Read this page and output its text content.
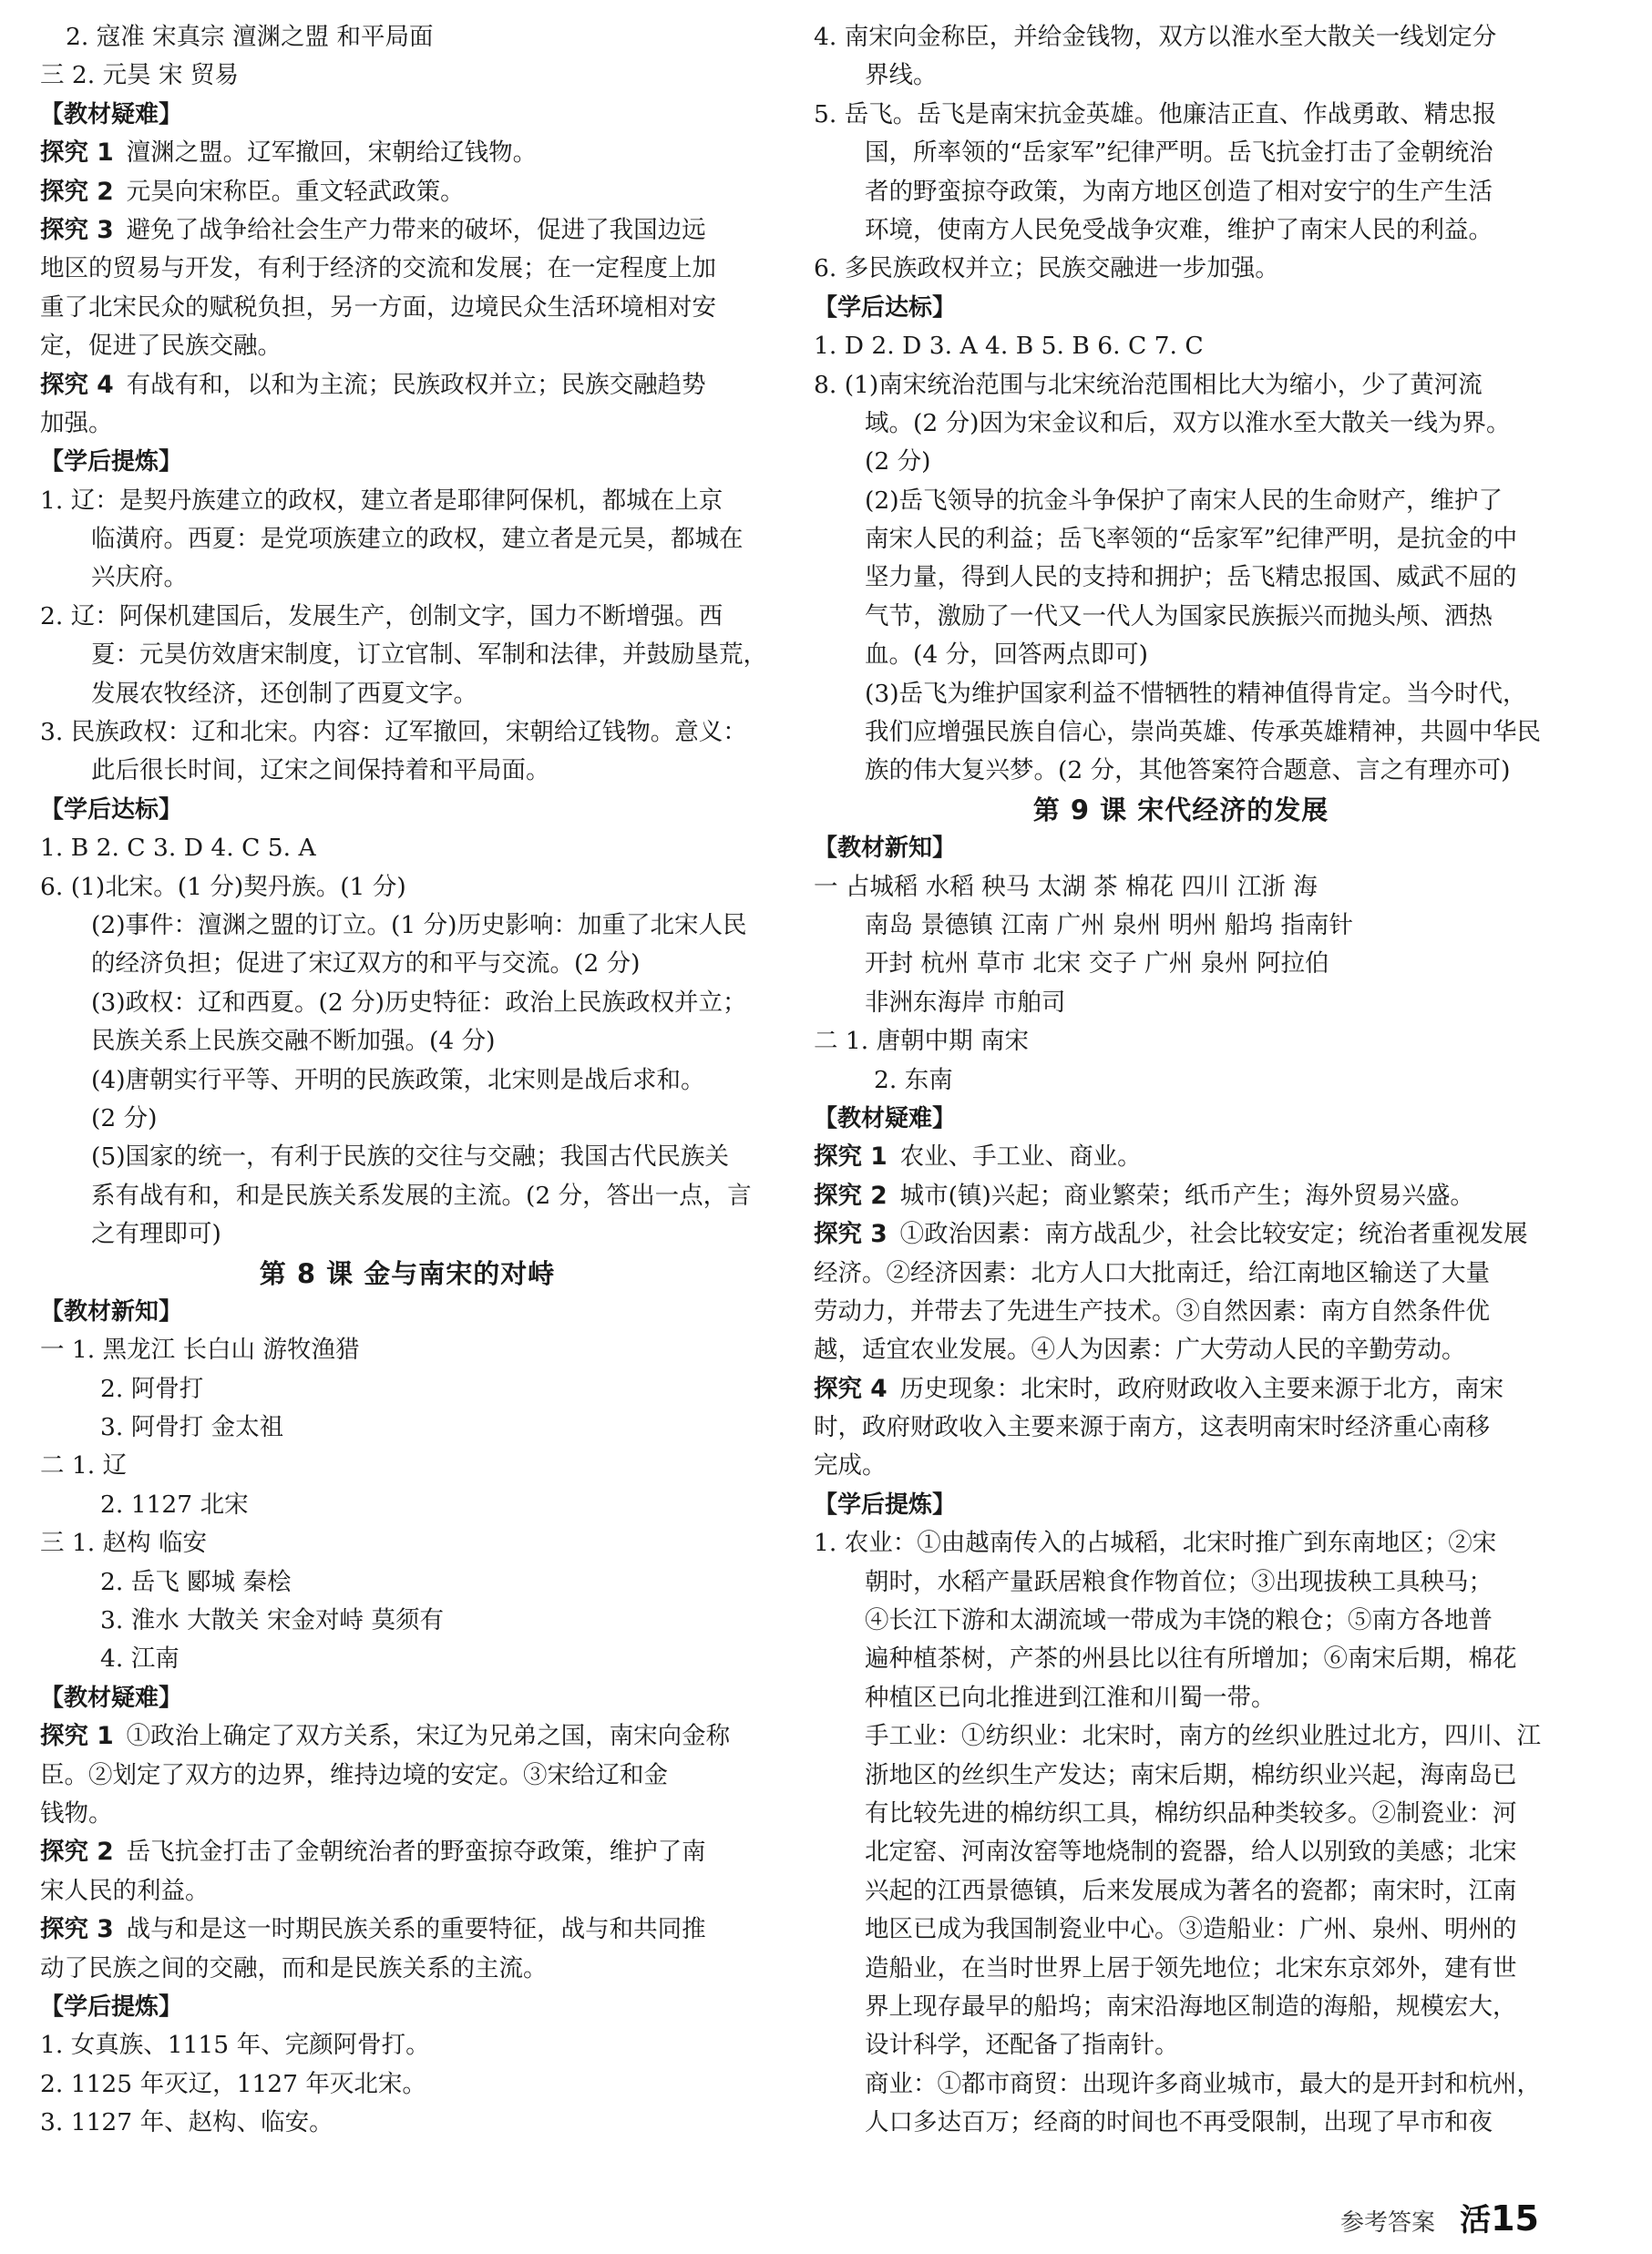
2. 寇准 宋真宗 澶渊之盟 和平局面
三 2. 元昊 宋 贸易
【教材疑难】
探究 1 澶渊之盟。辽军撤回，宋朝给辽钱物。
探究 2 元昊向宋称臣。重文轻武政策。
探究 3 避免了战争给社会生产力带来的破坏，促进了我国边远
地区的贸易与开发，有利于经济的交流和发展；在一定程度上加
重了北宋民众的赋税负担，另一方面，边境民众生活环境相对安
定，促进了民族交融。
探究 4 有战有和，以和为主流；民族政权并立；民族交融趋势
加强。
【学后提炼】
1. 辽：是契丹族建立的政权，建立者是耶律阿保机，都城在上京
临潢府。西夏：是党项族建立的政权，建立者是元昊，都城在
兴庆府。
2. 辽：阿保机建国后，发展生产，创制文字，国力不断增强。西
夏：元昊仿效唐宋制度，订立官制、军制和法律，并鼓励垦荒，
发展农牧经济，还创制了西夏文字。
3. 民族政权：辽和北宋。内容：辽军撤回，宋朝给辽钱物。意义：
此后很长时间，辽宋之间保持着和平局面。
【学后达标】
1. B 2. C 3. D 4. C 5. A
6. (1)北宋。(1 分)契丹族。(1 分)
(2)事件：澶渊之盟的订立。(1 分)历史影响：加重了北宋人民
的经济负担；促进了宋辽双方的和平与交流。(2 分)
(3)政权：辽和西夏。(2 分)历史特征：政治上民族政权并立；
民族关系上民族交融不断加强。(4 分)
(4)唐朝实行平等、开明的民族政策，北宋则是战后求和。
(2 分)
(5)国家的统一，有利于民族的交往与交融；我国古代民族关
系有战有和，和是民族关系发展的主流。(2 分，答出一点，言
之有理即可)
第 8 课 金与南宋的对峙
【教材新知】
一 1. 黑龙江 长白山 游牧渔猎
2. 阿骨打
3. 阿骨打 金太祖
二 1. 辽
2. 1127 北宋
三 1. 赵构 临安
2. 岳飞 郾城 秦桧
3. 淮水 大散关 宋金对峙 莫须有
4. 江南
【教材疑难】
探究 1 ①政治上确定了双方关系，宋辽为兄弟之国，南宋向金称
臣。②划定了双方的边界，维持边境的安定。③宋给辽和金
钱物。
探究 2 岳飞抗金打击了金朝统治者的野蛮掠夺政策，维护了南
宋人民的利益。
探究 3 战与和是这一时期民族关系的重要特征，战与和共同推
动了民族之间的交融，而和是民族关系的主流。
【学后提炼】
1. 女真族、1115 年、完颜阿骨打。
2. 1125 年灭辽，1127 年灭北宋。
3. 1127 年、赵构、临安。
4. 南宋向金称臣，并给金钱物，双方以淮水至大散关一线划定分
界线。
5. 岳飞。岳飞是南宋抗金英雄。他廉洁正直、作战勇敢、精忠报
国，所率领的“岳家军”纪律严明。岳飞抗金打击了金朝统治
者的野蛮掠夺政策，为南方地区创造了相对安宁的生产生活
环境，使南方人民免受战争灾难，维护了南宋人民的利益。
6. 多民族政权并立；民族交融进一步加强。
【学后达标】
1. D 2. D 3. A 4. B 5. B 6. C 7. C
8. (1)南宋统治范围与北宋统治范围相比大为缩小，少了黄河流
域。(2 分)因为宋金议和后，双方以淮水至大散关一线为界。
(2 分)
(2)岳飞领导的抗金斗争保护了南宋人民的生命财产，维护了
南宋人民的利益；岳飞率领的“岳家军”纪律严明，是抗金的中
坚力量，得到人民的支持和拥护；岳飞精忠报国、威武不屈的
气节，激励了一代又一代人为国家民族振兴而抛头颅、洒热
血。(4 分，回答两点即可)
(3)岳飞为维护国家利益不惜牺牲的精神值得肯定。当今时代，
我们应增强民族自信心，崇尚英雄、传承英雄精神，共圆中华民
族的伟大复兴梦。(2 分，其他答案符合题意、言之有理亦可)
第 9 课 宋代经济的发展
【教材新知】
一 占城稻 水稻 秧马 太湖 茶 棉花 四川 江浙 海
南岛 景德镇 江南 广州 泉州 明州 船坞 指南针
开封 杭州 草市 北宋 交子 广州 泉州 阿拉伯
非洲东海岸 市舶司
二 1. 唐朝中期 南宋
2. 东南
【教材疑难】
探究 1 农业、手工业、商业。
探究 2 城市(镇)兴起；商业繁荣；纸币产生；海外贸易兴盛。
探究 3 ①政治因素：南方战乱少，社会比较安定；统治者重视发展
经济。②经济因素：北方人口大批南迁，给江南地区输送了大量
劳动力，并带去了先进生产技术。③自然因素：南方自然条件优
越，适宜农业发展。④人为因素：广大劳动人民的辛勤劳动。
探究 4 历史现象：北宋时，政府财政收入主要来源于北方，南宋
时，政府财政收入主要来源于南方，这表明南宋时经济重心南移
完成。
【学后提炼】
1. 农业：①由越南传入的占城稻，北宋时推广到东南地区；②宋
朝时，水稻产量跃居粮食作物首位；③出现拔秧工具秧马；
④长江下游和太湖流域一带成为丰饶的粮仓；⑤南方各地普
遍种植茶树，产茶的州县比以往有所增加；⑥南宋后期，棉花
种植区已向北推进到江淮和川蜀一带。
手工业：①纺织业：北宋时，南方的丝织业胜过北方，四川、江
浙地区的丝织生产发达；南宋后期，棉纺织业兴起，海南岛已
有比较先进的棉纺织工具，棉纺织品种类较多。②制瓷业：河
北定窑、河南汝窑等地烧制的瓷器，给人以别致的美感；北宋
兴起的江西景德镇，后来发展成为著名的瓷都；南宋时，江南
地区已成为我国制瓷业中心。③造船业：广州、泉州、明州的
造船业，在当时世界上居于领先地位；北宋东京郊外，建有世
界上现存最早的船坞；南宋沿海地区制造的海船，规模宏大，
设计科学，还配备了指南针。
商业：①都市商贸：出现许多商业城市，最大的是开封和杭州，
人口多达百万；经商的时间也不再受限制，出现了早市和夜
参考答案 活15
